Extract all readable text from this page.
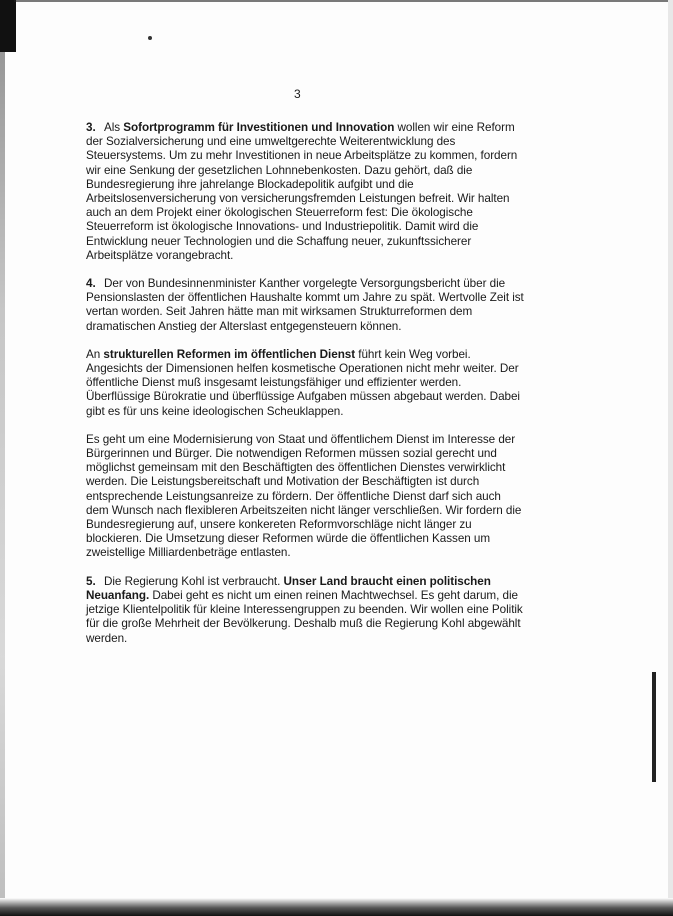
3

3. Als Sofortprogramm für Investitionen und Innovation wollen wir eine Reform der Sozialversicherung und eine umweltgerechte Weiterentwicklung des Steuersystems. Um zu mehr Investitionen in neue Arbeitsplätze zu kommen, fordern wir eine Senkung der gesetzlichen Lohnnebenkosten. Dazu gehört, daß die Bundesregierung ihre jahrelange Blockadepolitik aufgibt und die Arbeitslosenversicherung von versicherungsfremden Leistungen befreit. Wir halten auch an dem Projekt einer ökologischen Steuerreform fest: Die ökologische Steuerreform ist ökologische Innovations- und Industriepolitik. Damit wird die Entwicklung neuer Technologien und die Schaffung neuer, zukunftssicherer Arbeitsplätze vorangebracht.

4. Der von Bundesinnenminister Kanther vorgelegte Versorgungsbericht über die Pensionslasten der öffentlichen Haushalte kommt um Jahre zu spät. Wertvolle Zeit ist vertan worden. Seit Jahren hätte man mit wirksamen Strukturreformen dem dramatischen Anstieg der Alterslast entgegensteuern können.

An strukturellen Reformen im öffentlichen Dienst führt kein Weg vorbei. Angesichts der Dimensionen helfen kosmetische Operationen nicht mehr weiter. Der öffentliche Dienst muß insgesamt leistungsfähiger und effizienter werden. Überflüssige Bürokratie und überflüssige Aufgaben müssen abgebaut werden. Dabei gibt es für uns keine ideologischen Scheuklappen.

Es geht um eine Modernisierung von Staat und öffentlichem Dienst im Interesse der Bürgerinnen und Bürger. Die notwendigen Reformen müssen sozial gerecht und möglichst gemeinsam mit den Beschäftigten des öffentlichen Dienstes verwirklicht werden. Die Leistungsbereitschaft und Motivation der Beschäftigten ist durch entsprechende Leistungsanreize zu fördern. Der öffentliche Dienst darf sich auch dem Wunsch nach flexibleren Arbeitszeiten nicht länger verschließen. Wir fordern die Bundesregierung auf, unsere konkereten Reformvorschläge nicht länger zu blockieren. Die Umsetzung dieser Reformen würde die öffentlichen Kassen um zweistellige Milliardenbeträge entlasten.

5. Die Regierung Kohl ist verbraucht. Unser Land braucht einen politischen Neuanfang. Dabei geht es nicht um einen reinen Machtwechsel. Es geht darum, die jetzige Klientelpolitik für kleine Interessengruppen zu beenden. Wir wollen eine Politik für die große Mehrheit der Bevölkerung. Deshalb muß die Regierung Kohl abgewählt werden.
